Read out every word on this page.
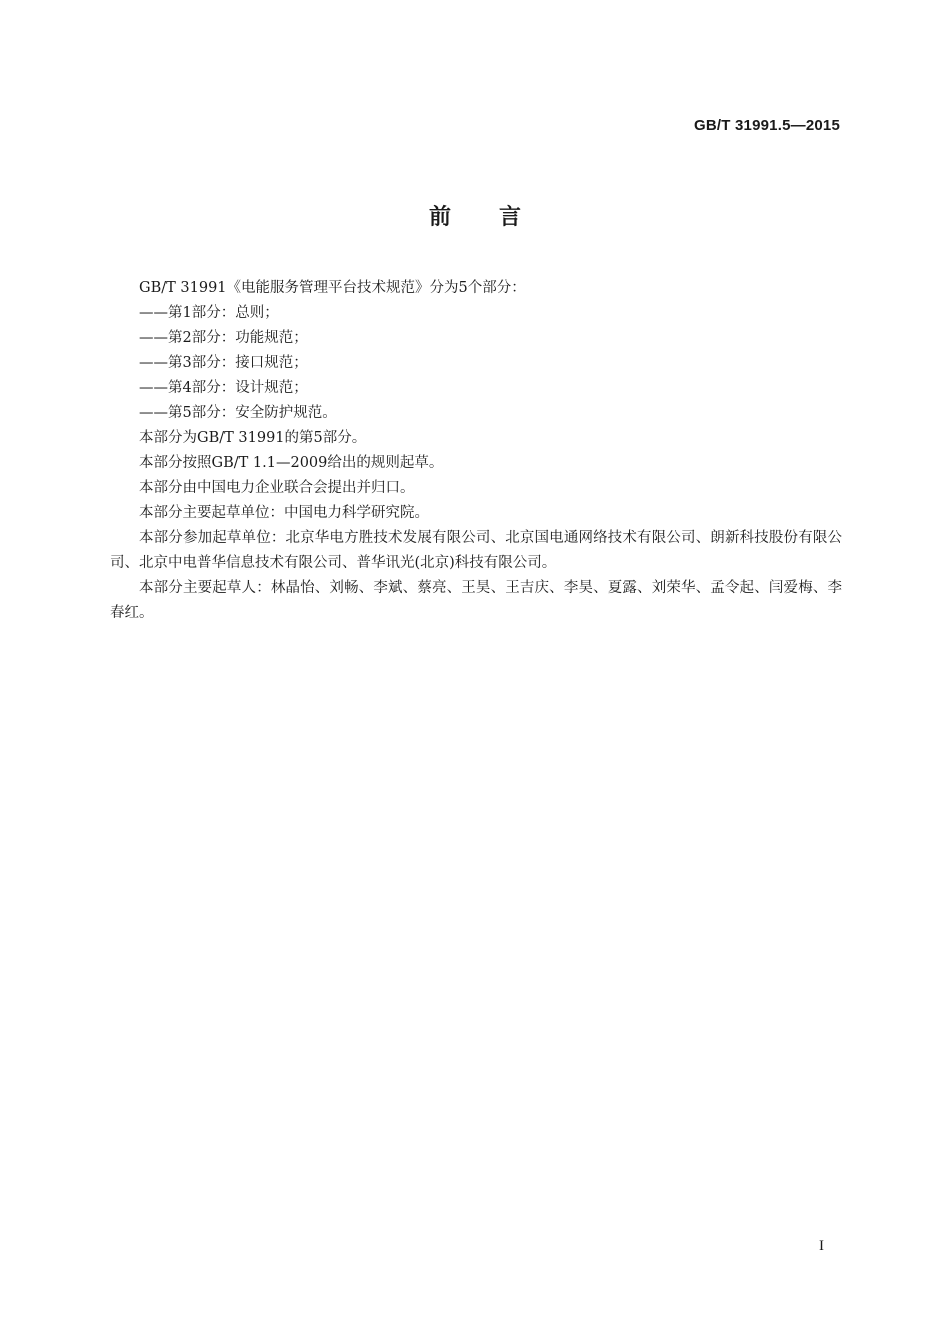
GB/T 31991.5—2015
前言

GB/T 31991《电能服务管理平台技术规范》分为5个部分：

——第1部分：总则；

——第2部分：功能规范；

——第3部分：接口规范；

——第4部分：设计规范；

——第5部分：安全防护规范。

本部分为GB/T 31991的第5部分。

本部分按照GB/T 1.1—2009给出的规则起草。

本部分由中国电力企业联合会提出并归口。

本部分主要起草单位：中国电力科学研究院。

本部分参加起草单位：北京华电方胜技术发展有限公司、北京国电通网络技术有限公司、朗新科技股份有限公司、北京中电普华信息技术有限公司、普华讯光(北京)科技有限公司。

本部分主要起草人：林晶怡、刘畅、李斌、蔡亮、王昊、王吉庆、李昊、夏露、刘荣华、孟令起、闫爱梅、李春红。

I
